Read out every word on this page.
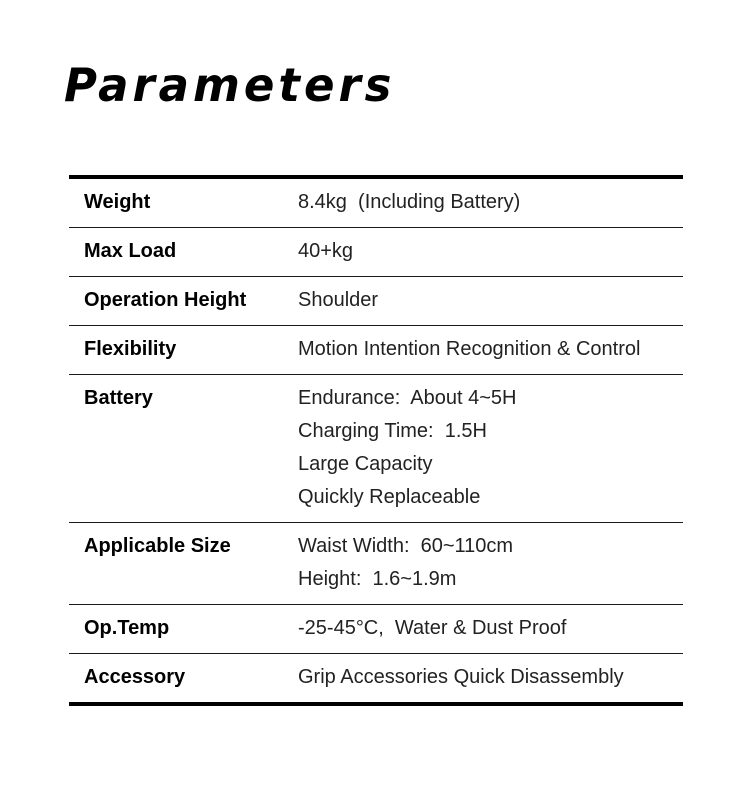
Parameters
Weight	8.4kg  (Including Battery)
Max Load	40+kg
Operation Height	Shoulder
Flexibility	Motion Intention Recognition & Control
Battery	Endurance:  About 4~5H
Charging Time:  1.5H
Large Capacity
Quickly Replaceable
Applicable Size	Waist Width:  60~110cm
Height:  1.6~1.9m
Op.Temp	-25-45°C,  Water & Dust Proof
Accessory	Grip Accessories Quick Disassembly
